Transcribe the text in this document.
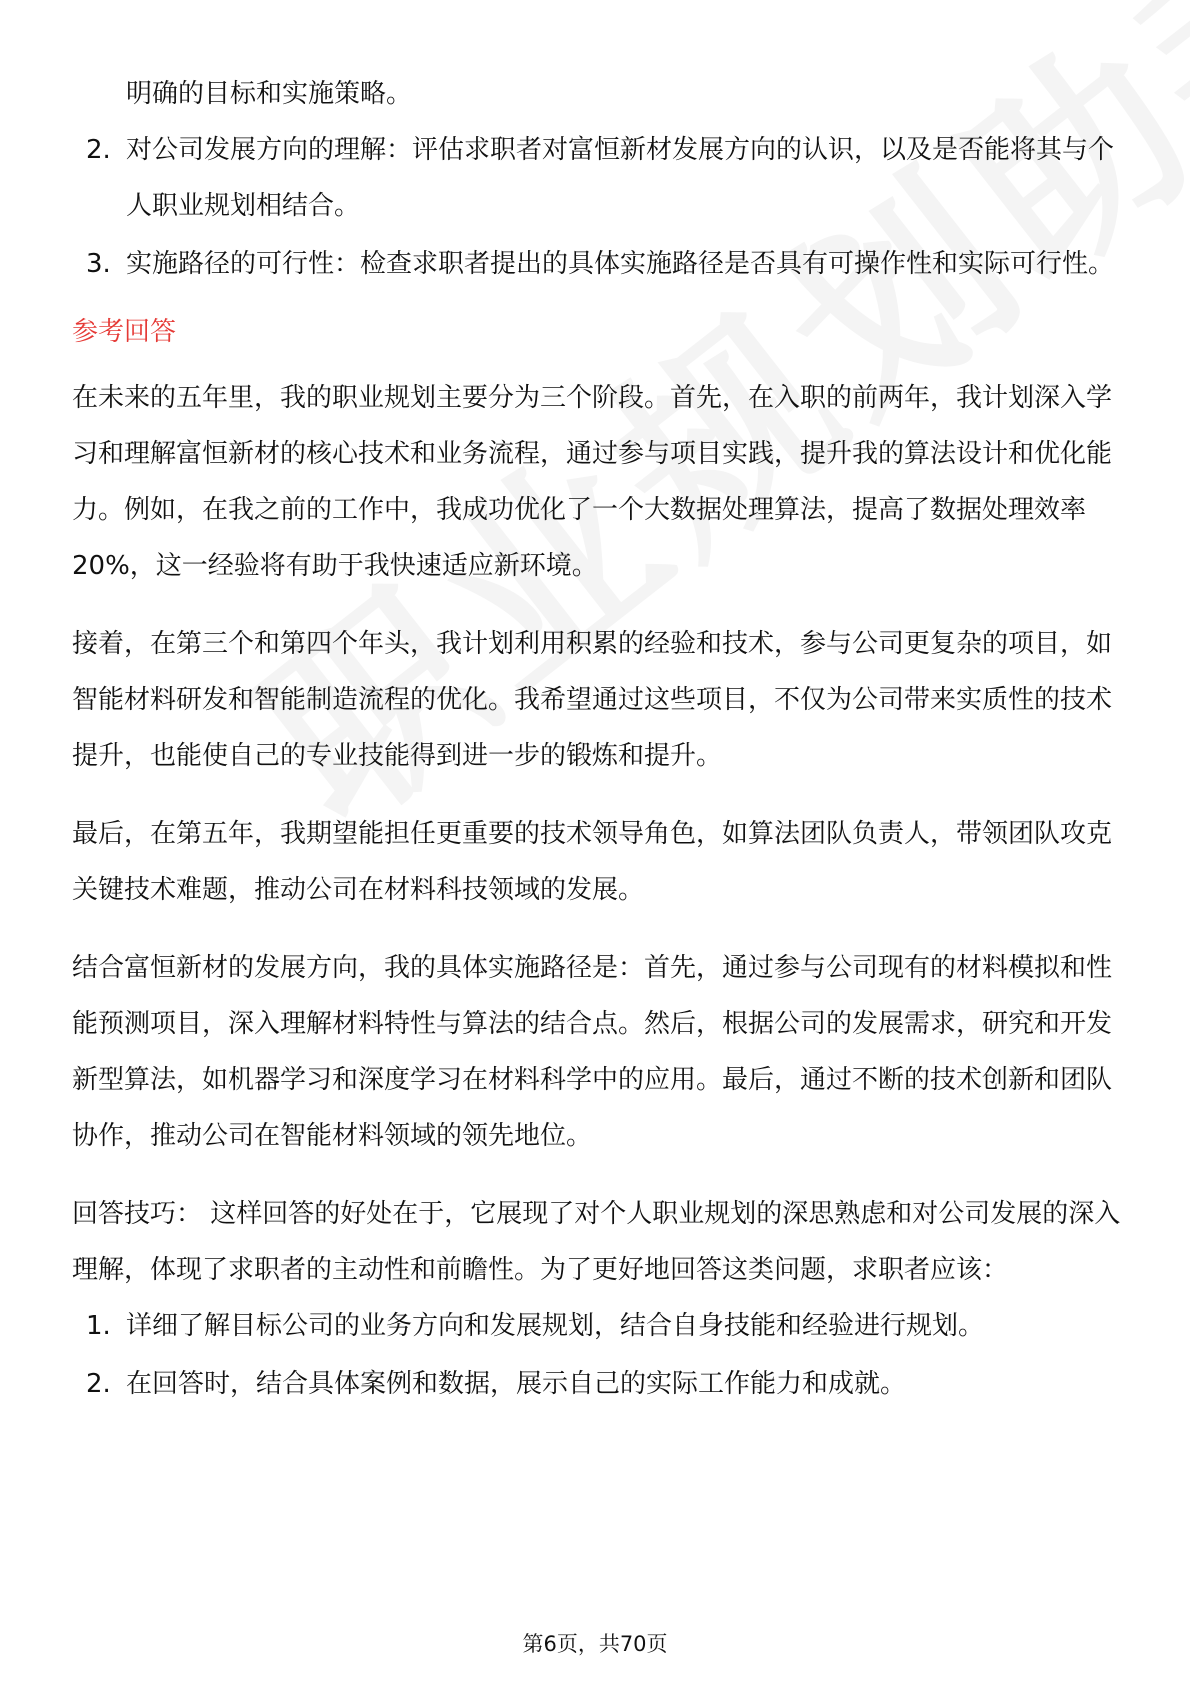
明确的目标和实施策略。

2. 对公司发展方向的理解：评估求职者对富恒新材发展方向的认识，以及是否能将其与个人职业规划相结合。
3. 实施路径的可行性：检查求职者提出的具体实施路径是否具有可操作性和实际可行性。
参考回答

在未来的五年里，我的职业规划主要分为三个阶段。首先，在入职的前两年，我计划深入学习和理解富恒新材的核心技术和业务流程，通过参与项目实践，提升我的算法设计和优化能力。例如，在我之前的工作中，我成功优化了一个大数据处理算法，提高了数据处理效率20%，这一经验将有助于我快速适应新环境。

接着，在第三个和第四个年头，我计划利用积累的经验和技术，参与公司更复杂的项目，如智能材料研发和智能制造流程的优化。我希望通过这些项目，不仅为公司带来实质性的技术提升，也能使自己的专业技能得到进一步的锻炼和提升。

最后，在第五年，我期望能担任更重要的技术领导角色，如算法团队负责人，带领团队攻克关键技术难题，推动公司在材料科技领域的发展。

结合富恒新材的发展方向，我的具体实施路径是：首先，通过参与公司现有的材料模拟和性能预测项目，深入理解材料特性与算法的结合点。然后，根据公司的发展需求，研究和开发新型算法，如机器学习和深度学习在材料科学中的应用。最后，通过不断的技术创新和团队协作，推动公司在智能材料领域的领先地位。

回答技巧： 这样回答的好处在于，它展现了对个人职业规划的深思熟虑和对公司发展的深入理解，体现了求职者的主动性和前瞻性。为了更好地回答这类问题，求职者应该：

1. 详细了解目标公司的业务方向和发展规划，结合自身技能和经验进行规划。
2. 在回答时，结合具体案例和数据，展示自己的实际工作能力和成就。
第6页，共70页
